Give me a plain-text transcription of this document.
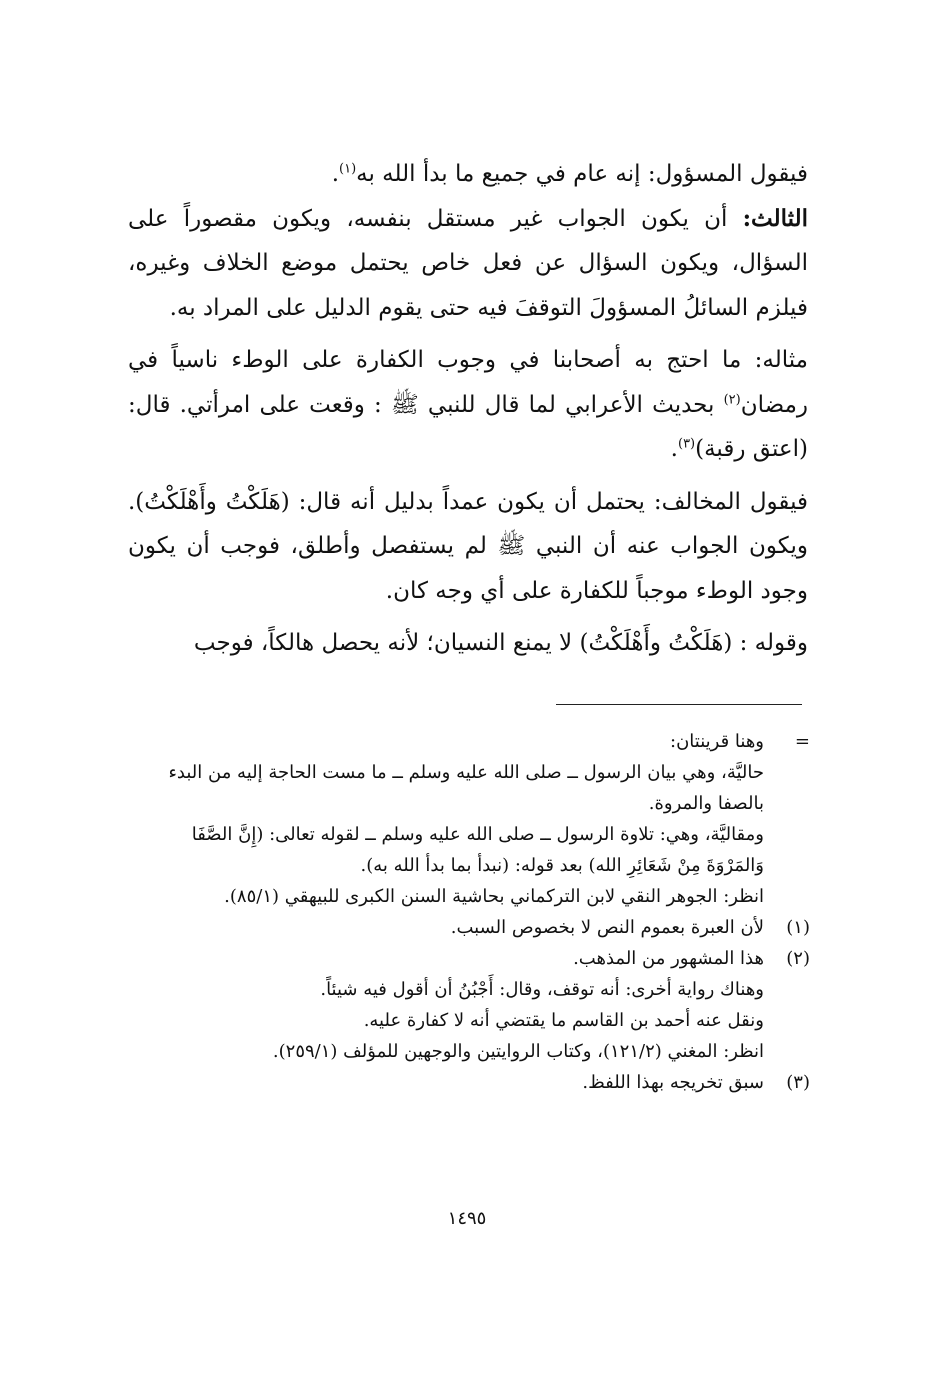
فيقول المسؤول: إنه عام في جميع ما بدأ الله به$^{(١)}$.

الثالث: أن يكون الجواب غير مستقل بنفسه، ويكون مقصوراً على السؤال، ويكون السؤال عن فعل خاص يحتمل موضع الخلاف وغيره، فيلزم السائلُ المسؤولَ التوقفَ فيه حتى يقوم الدليل على المراد به.

مثاله: ما احتج به أصحابنا في وجوب الكفارة على الوطء ناسياً في رمضان$^{(٢)}$ بحديث الأعرابي لما قال للنبي ﷺ : وقعت على امرأتي. قال: (اعتق رقبة)$^{(٣)}$.

فيقول المخالف: يحتمل أن يكون عمداً بدليل أنه قال: (هَلَكْتُ وأَهْلَكْتُ). ويكون الجواب عنه أن النبي ﷺ لم يستفصل وأطلق، فوجب أن يكون وجود الوطء موجباً للكفارة على أي وجه كان.

وقوله : (هَلَكْتُ وأَهْلَكْتُ) لا يمنع النسيان؛ لأنه يحصل هالكاً، فوجب

=

وهنا قرينتان:

حاليَّة، وهي بيان الرسول ــ صلى الله عليه وسلم ــ ما مست الحاجة إليه من البدء بالصفا والمروة.

ومقاليَّة، وهي: تلاوة الرسول ــ صلى الله عليه وسلم ــ لقوله تعالى: (إِنَّ الصَّفَا وَالمَرْوَةَ مِنْ شَعَائِرِ الله) بعد قوله: (نبدأ بما بدأ الله به).

انظر: الجوهر النقي لابن التركماني بحاشية السنن الكبرى للبيهقي (٨٥/١).

(١)

لأن العبرة بعموم النص لا بخصوص السبب.

(٢)

هذا المشهور من المذهب.

وهناك رواية أخرى: أنه توقف، وقال: أَجْبُنُ أن أقول فيه شيئاً.

ونقل عنه أحمد بن القاسم ما يقتضي أنه لا كفارة عليه.

انظر: المغني (١٢١/٢)، وكتاب الروايتين والوجهين للمؤلف (٢٥٩/١).

(٣)

سبق تخريجه بهذا اللفظ.

١٤٩٥
